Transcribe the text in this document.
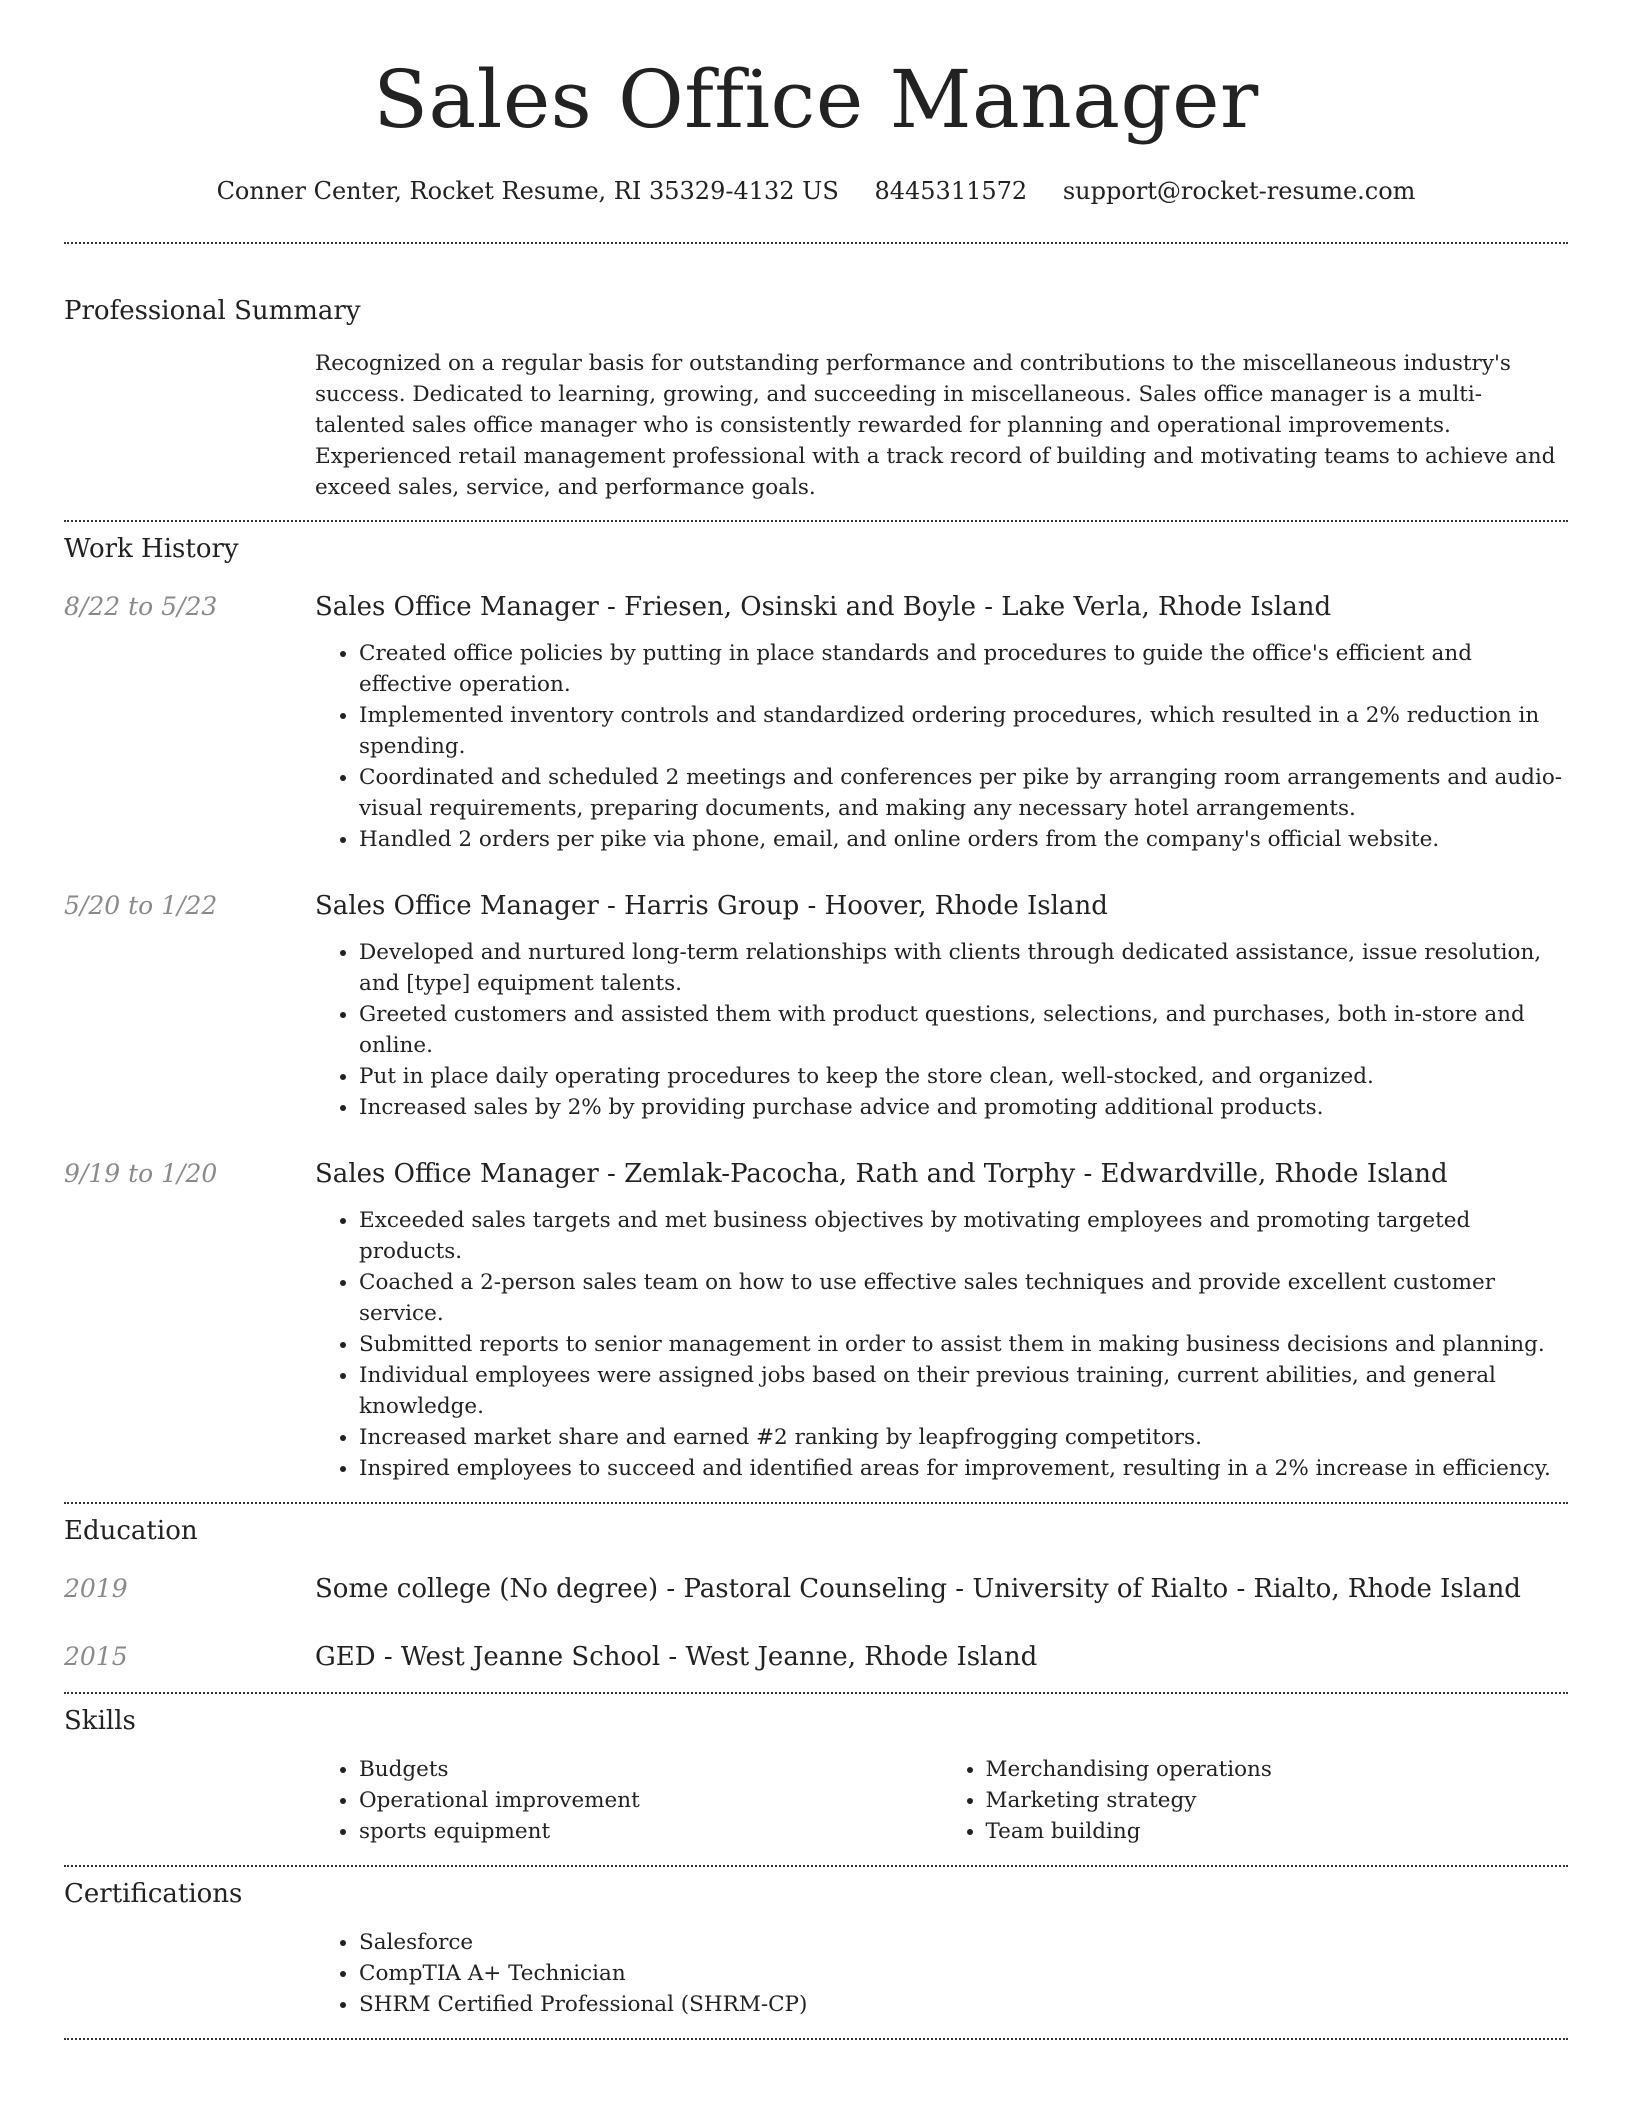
Sales Office Manager
Conner Center, Rocket Resume, RI 35329-4132 US 8445311572 support@rocket-resume.com
Professional Summary

Recognized on a regular basis for outstanding performance and contributions to the miscellaneous industry's success. Dedicated to learning, growing, and succeeding in miscellaneous. Sales office manager is a multi-talented sales office manager who is consistently rewarded for planning and operational improvements. Experienced retail management professional with a track record of building and motivating teams to achieve and exceed sales, service, and performance goals.

Work History
8/22 to 5/23	Sales Office Manager - Friesen, Osinski and Boyle - Lake Verla, Rhode Island
• Created office policies by putting in place standards and procedures to guide the office's efficient and effective operation.
• Implemented inventory controls and standardized ordering procedures, which resulted in a 2% reduction in spending.
• Coordinated and scheduled 2 meetings and conferences per pike by arranging room arrangements and audio-visual requirements, preparing documents, and making any necessary hotel arrangements.
• Handled 2 orders per pike via phone, email, and online orders from the company's official website.
5/20 to 1/22	Sales Office Manager - Harris Group - Hoover, Rhode Island
• Developed and nurtured long-term relationships with clients through dedicated assistance, issue resolution, and [type] equipment talents.
• Greeted customers and assisted them with product questions, selections, and purchases, both in-store and online.
• Put in place daily operating procedures to keep the store clean, well-stocked, and organized.
• Increased sales by 2% by providing purchase advice and promoting additional products.
9/19 to 1/20	Sales Office Manager - Zemlak-Pacocha, Rath and Torphy - Edwardville, Rhode Island
• Exceeded sales targets and met business objectives by motivating employees and promoting targeted products.
• Coached a 2-person sales team on how to use effective sales techniques and provide excellent customer service.
• Submitted reports to senior management in order to assist them in making business decisions and planning.
• Individual employees were assigned jobs based on their previous training, current abilities, and general knowledge.
• Increased market share and earned #2 ranking by leapfrogging competitors.
• Inspired employees to succeed and identified areas for improvement, resulting in a 2% increase in efficiency.
Education
2019	Some college (No degree) - Pastoral Counseling - University of Rialto - Rialto, Rhode Island
2015	GED - West Jeanne School - West Jeanne, Rhode Island
Skills
• Budgets
• Operational improvement
• sports equipment
• Merchandising operations
• Marketing strategy
• Team building
Certifications
• Salesforce
• CompTIA A+ Technician
• SHRM Certified Professional (SHRM-CP)
